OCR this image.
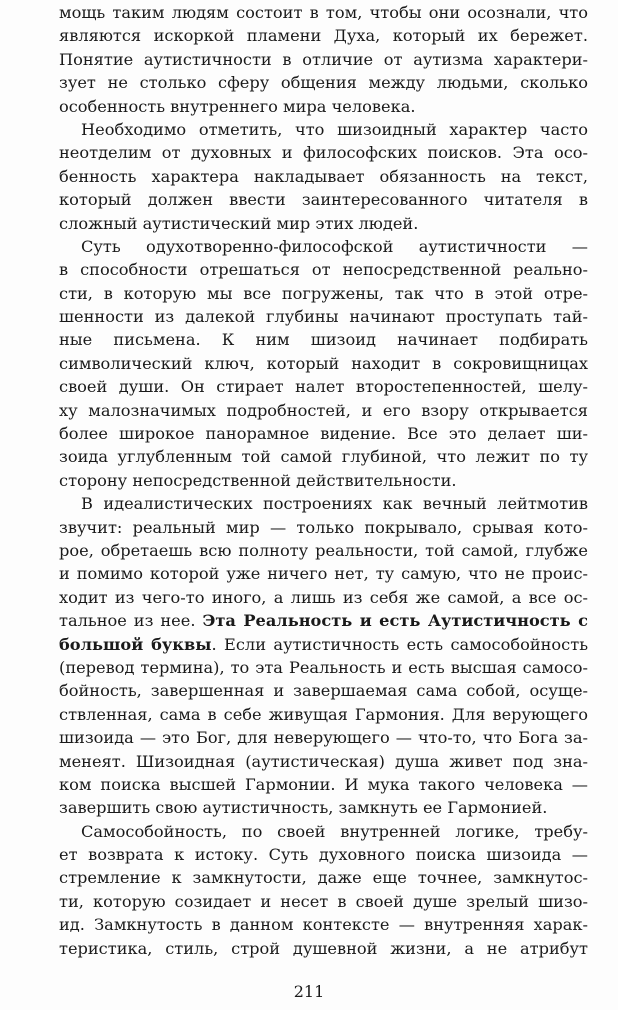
мощь таким людям состоит в том, чтобы они осознали, что
являются искоркой пламени Духа, который их бережет.
Понятие аутистичности в отличие от аутизма характери-
зует не столько сферу общения между людьми, сколько
особенность внутреннего мира человека.
Необходимо отметить, что шизоидный характер часто
неотделим от духовных и философских поисков. Эта осо-
бенность характера накладывает обязанность на текст,
который должен ввести заинтересованного читателя в
сложный аутистический мир этих людей.
Суть одухотворенно-философской аутистичности —
в способности отрешаться от непосредственной реально-
сти, в которую мы все погружены, так что в этой отре-
шенности из далекой глубины начинают проступать тай-
ные письмена. К ним шизоид начинает подбирать
символический ключ, который находит в сокровищницах
своей души. Он стирает налет второстепенностей, шелу-
ху малозначимых подробностей, и его взору открывается
более широкое панорамное видение. Все это делает ши-
зоида углубленным той самой глубиной, что лежит по ту
сторону непосредственной действительности.
В идеалистических построениях как вечный лейтмотив
звучит: реальный мир — только покрывало, срывая кото-
рое, обретаешь всю полноту реальности, той самой, глубже
и помимо которой уже ничего нет, ту самую, что не проис-
ходит из чего-то иного, а лишь из себя же самой, а все ос-
тальное из нее. Эта Реальность и есть Аутистичность с
большой буквы. Если аутистичность есть самособойность
(перевод термина), то эта Реальность и есть высшая самосо-
бойность, завершенная и завершаемая сама собой, осуще-
ствленная, сама в себе живущая Гармония. Для верующего
шизоида — это Бог, для неверующего — что-то, что Бога за-
менеят. Шизоидная (аутистическая) душа живет под зна-
ком поиска высшей Гармонии. И мука такого человека —
завершить свою аутистичность, замкнуть ее Гармонией.
Самособойность, по своей внутренней логике, требу-
ет возврата к истоку. Суть духовного поиска шизоида —
стремление к замкнутости, даже еще точнее, замкнутос-
ти, которую созидает и несет в своей душе зрелый шизо-
ид. Замкнутость в данном контексте — внутренняя харак-
теристика, стиль, строй душевной жизни, а не атрибут
211
